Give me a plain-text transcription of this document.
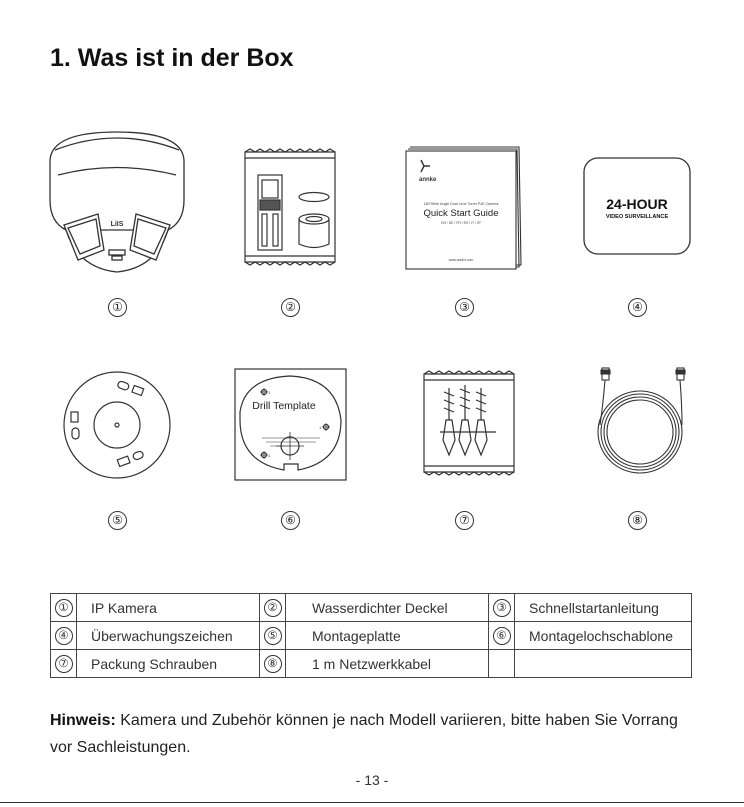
1. Was ist in der Box
LiIS
①	②
annke
180°Wide Angle Dual Lens Turret PoE Camera
Quick Start Guide
EN / DE / FR / ES / IT / JP
www.annke.com
③
24-HOUR
VIDEO SURVEILLANCE
④
⑤
Drill Template
1
1
1
⑥	⑦	⑧
①	IP Kamera	②	Wasserdichter Deckel	③	Schnellstartanleitung
④	Überwachungszeichen	⑤	Montageplatte	⑥	Montagelochschablone
⑦	Packung Schrauben	⑧	1 m Netzwerkkabel		

Hinweis: Kamera und Zubehör können je nach Modell variieren, bitte haben Sie Vorrang vor Sachleistungen.

- 13 -
